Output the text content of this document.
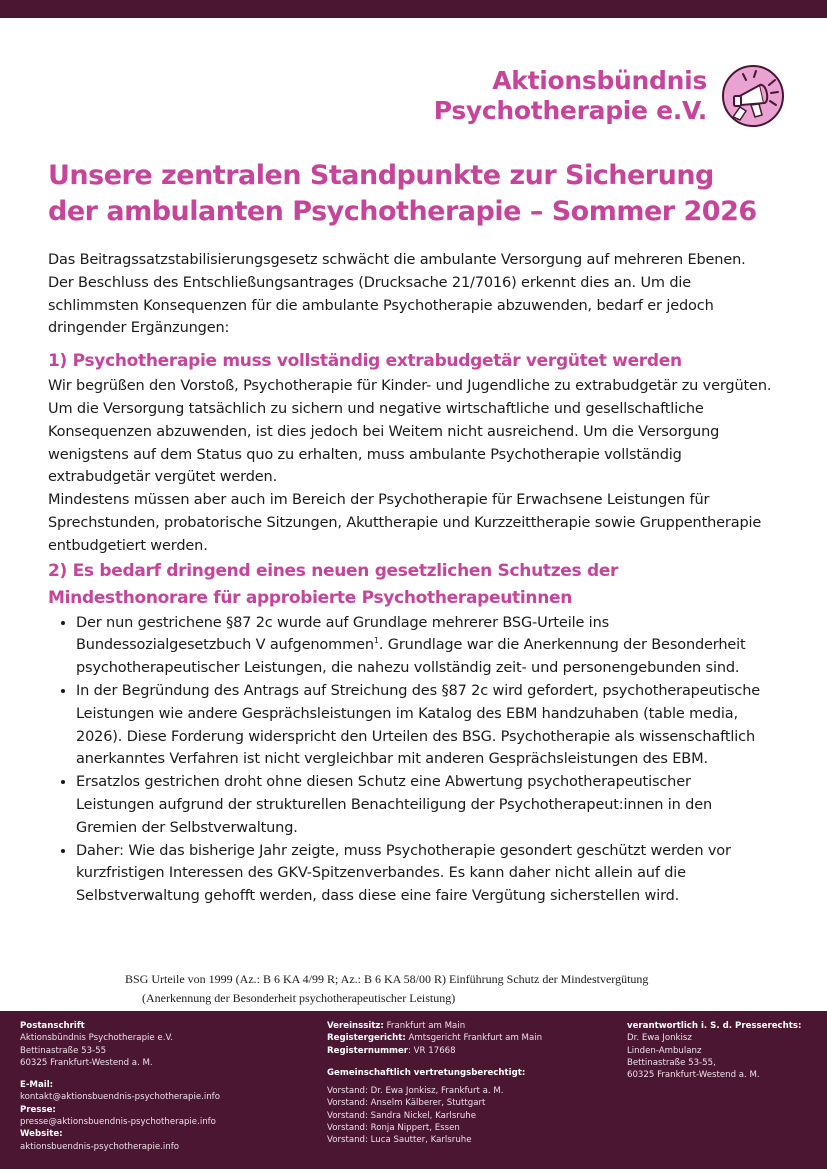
Aktionsbündnis
Psychotherapie e.V.
Unsere zentralen Standpunkte zur Sicherung
der ambulanten Psychotherapie – Sommer 2026

Das Beitragssatzstabilisierungsgesetz schwächt die ambulante Versorgung auf mehreren Ebenen. Der Beschluss des Entschließungsantrages (Drucksache 21/7016) erkennt dies an. Um die schlimmsten Konsequenzen für die ambulante Psychotherapie abzuwenden, bedarf er jedoch dringender Ergänzungen:

1) Psychotherapie muss vollständig extrabudgetär vergütet werden

Wir begrüßen den Vorstoß, Psychotherapie für Kinder- und Jugendliche zu extrabudgetär zu vergüten. Um die Versorgung tatsächlich zu sichern und negative wirtschaftliche und gesellschaftliche Konsequenzen abzuwenden, ist dies jedoch bei Weitem nicht ausreichend. Um die Versorgung wenigstens auf dem Status quo zu erhalten, muss ambulante Psychotherapie vollständig extrabudgetär vergütet werden.

Mindestens müssen aber auch im Bereich der Psychotherapie für Erwachsene Leistungen für Sprechstunden, probatorische Sitzungen, Akuttherapie und Kurzzeittherapie sowie Gruppentherapie entbudgetiert werden.

2) Es bedarf dringend eines neuen gesetzlichen Schutzes der Mindesthonorare für approbierte Psychotherapeutinnen
• Der nun gestrichene §87 2c wurde auf Grundlage mehrerer BSG-Urteile ins Bundessozialgesetzbuch V aufgenommen$^1$. Grundlage war die Anerkennung der Besonderheit psychotherapeutischer Leistungen, die nahezu vollständig zeit- und personengebunden sind.
• In der Begründung des Antrags auf Streichung des §87 2c wird gefordert, psychotherapeutische Leistungen wie andere Gesprächsleistungen im Katalog des EBM handzuhaben (table media, 2026). Diese Forderung widerspricht den Urteilen des BSG. Psychotherapie als wissenschaftlich anerkanntes Verfahren ist nicht vergleichbar mit anderen Gesprächsleistungen des EBM.
• Ersatzlos gestrichen droht ohne diesen Schutz eine Abwertung psychotherapeutischer Leistungen aufgrund der strukturellen Benachteiligung der Psychotherapeut:innen in den Gremien der Selbstverwaltung.
• Daher: Wie das bisherige Jahr zeigte, muss Psychotherapie gesondert geschützt werden vor kurzfristigen Interessen des GKV-Spitzenverbandes. Es kann daher nicht allein auf die Selbstverwaltung gehofft werden, dass diese eine faire Vergütung sicherstellen wird.
BSG Urteile von 1999 (Az.: B 6 KA 4/99 R; Az.: B 6 KA 58/00 R) Einführung Schutz der Mindestvergütung
(Anerkennung der Besonderheit psychotherapeutischer Leistung)
Postanschrift
Aktionsbündnis Psychotherapie e.V.
Bettinastraße 53-55
60325 Frankfurt-Westend a. M.
E-Mail:
kontakt@aktionsbuendnis-psychotherapie.info
Presse:
presse@aktionsbuendnis-psychotherapie.info
Website:
aktionsbuendnis-psychotherapie.info
Vereinssitz: Frankfurt am Main
Registergericht: Amtsgericht Frankfurt am Main
Registernummer: VR 17668
Gemeinschaftlich vertretungsberechtigt:
Vorstand: Dr. Ewa Jonkisz, Frankfurt a. M.
Vorstand: Anselm Kälberer, Stuttgart
Vorstand: Sandra Nickel, Karlsruhe
Vorstand: Ronja Nippert, Essen
Vorstand: Luca Sautter, Karlsruhe
verantwortlich i. S. d. Presserechts:
Dr. Ewa Jonkisz
Linden-Ambulanz
Bettinastraße 53-55,
60325 Frankfurt-Westend a. M.
